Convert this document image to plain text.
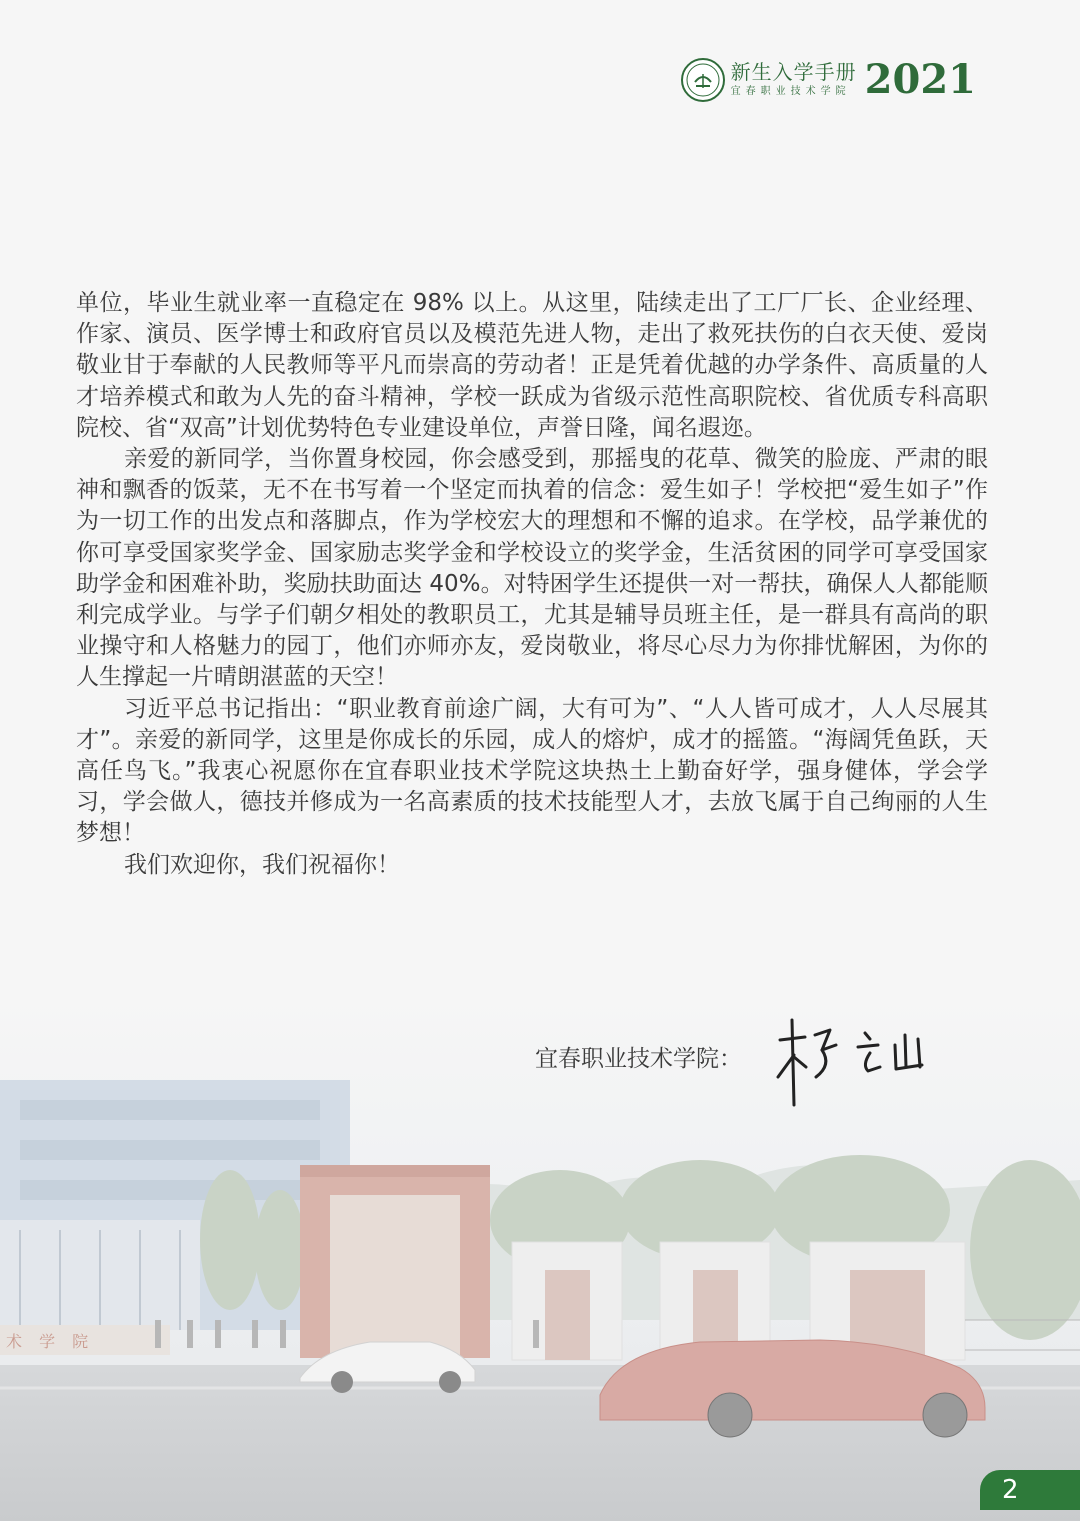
新生入学手册
宜春职业技术学院 2021

单位，毕业生就业率一直稳定在 98% 以上。从这里，陆续走出了工厂厂长、企业经理、作家、演员、医学博士和政府官员以及模范先进人物，走出了救死扶伤的白衣天使、爱岗敬业甘于奉献的人民教师等平凡而崇高的劳动者！正是凭着优越的办学条件、高质量的人才培养模式和敢为人先的奋斗精神，学校一跃成为省级示范性高职院校、省优质专科高职院校、省“双高”计划优势特色专业建设单位，声誉日隆，闻名遐迩。

亲爱的新同学，当你置身校园，你会感受到，那摇曳的花草、微笑的脸庞、严肃的眼神和飘香的饭菜，无不在书写着一个坚定而执着的信念：爱生如子！学校把“爱生如子”作为一切工作的出发点和落脚点，作为学校宏大的理想和不懈的追求。在学校，品学兼优的你可享受国家奖学金、国家励志奖学金和学校设立的奖学金，生活贫困的同学可享受国家助学金和困难补助，奖励扶助面达 40%。对特困学生还提供一对一帮扶，确保人人都能顺利完成学业。与学子们朝夕相处的教职员工，尤其是辅导员班主任，是一群具有高尚的职业操守和人格魅力的园丁，他们亦师亦友，爱岗敬业，将尽心尽力为你排忧解困，为你的人生撑起一片晴朗湛蓝的天空！

习近平总书记指出：“职业教育前途广阔，大有可为”、“人人皆可成才，人人尽展其才”。亲爱的新同学，这里是你成长的乐园，成人的熔炉，成才的摇篮。“海阔凭鱼跃，天高任鸟飞。”我衷心祝愿你在宜春职业技术学院这块热土上勤奋好学，强身健体，学会学习，学会做人，德技并修成为一名高素质的技术技能型人才，去放飞属于自己绚丽的人生梦想！

我们欢迎你，我们祝福你！

术 学 院
宜春职业技术学院：
2
